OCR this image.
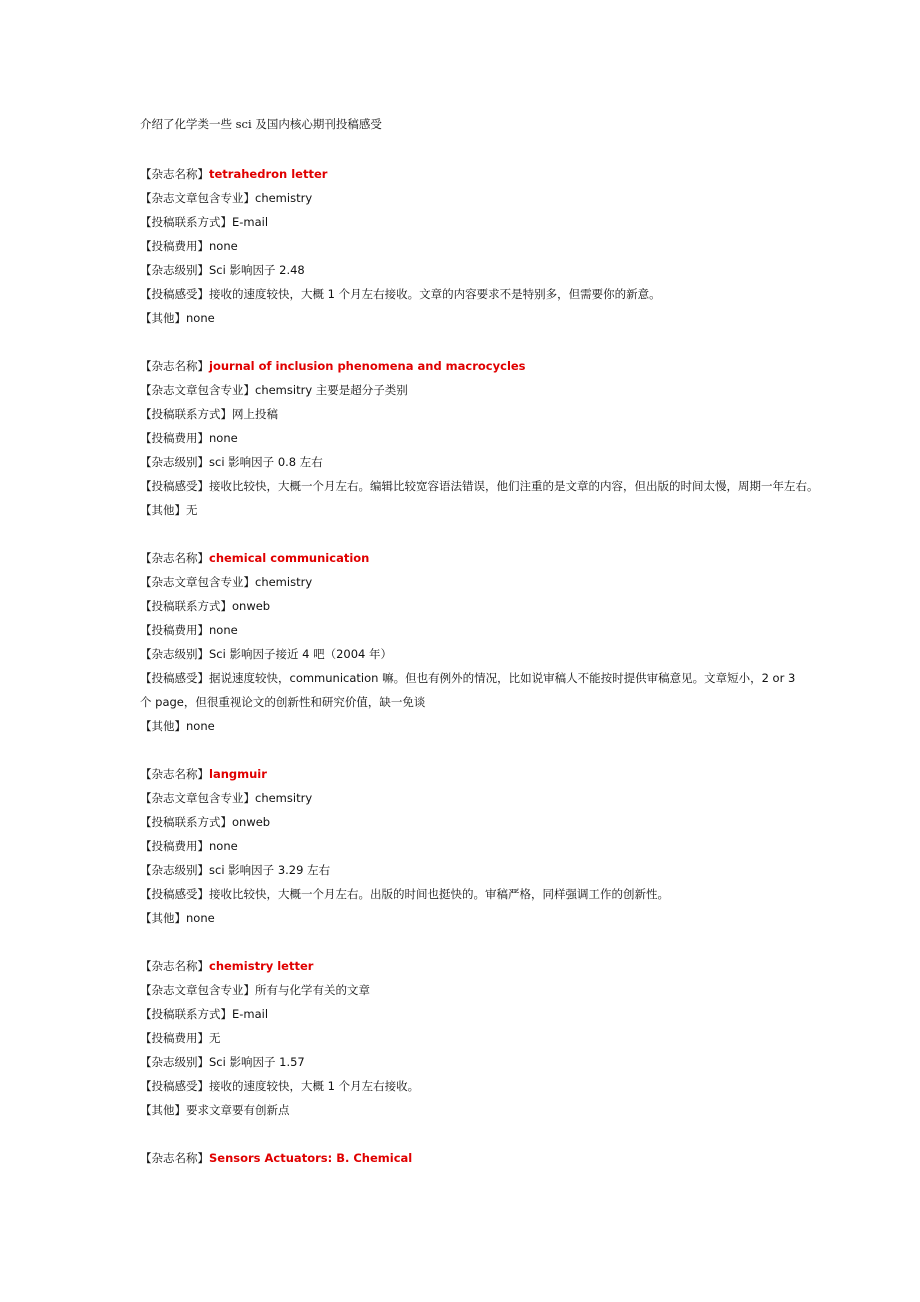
介绍了化学类一些 sci 及国内核心期刊投稿感受
【杂志名称】tetrahedron letter
【杂志文章包含专业】chemistry
【投稿联系方式】E-mail
【投稿费用】none
【杂志级别】Sci 影响因子 2.48
【投稿感受】接收的速度较快，大概 1 个月左右接收。文章的内容要求不是特别多，但需要你的新意。
【其他】none
【杂志名称】journal of inclusion phenomena and macrocycles
【杂志文章包含专业】chemsitry 主要是超分子类别
【投稿联系方式】网上投稿
【投稿费用】none
【杂志级别】sci 影响因子 0.8 左右
【投稿感受】接收比较快，大概一个月左右。编辑比较宽容语法错误，他们注重的是文章的内容，但出版的时间太慢，周期一年左右。
【其他】无
【杂志名称】chemical communication
【杂志文章包含专业】chemistry
【投稿联系方式】onweb
【投稿费用】none
【杂志级别】Sci 影响因子接近 4 吧（2004 年）
【投稿感受】据说速度较快，communication 嘛。但也有例外的情况，比如说审稿人不能按时提供审稿意见。文章短小，2 or 3 个 page，但很重视论文的创新性和研究价值，缺一免谈
【其他】none
【杂志名称】langmuir
【杂志文章包含专业】chemsitry
【投稿联系方式】onweb
【投稿费用】none
【杂志级别】sci 影响因子 3.29 左右
【投稿感受】接收比较快，大概一个月左右。出版的时间也挺快的。审稿严格，同样强调工作的创新性。
【其他】none
【杂志名称】chemistry letter
【杂志文章包含专业】所有与化学有关的文章
【投稿联系方式】E-mail
【投稿费用】无
【杂志级别】Sci 影响因子 1.57
【投稿感受】接收的速度较快，大概 1 个月左右接收。
【其他】要求文章要有创新点
【杂志名称】Sensors Actuators: B. Chemical
